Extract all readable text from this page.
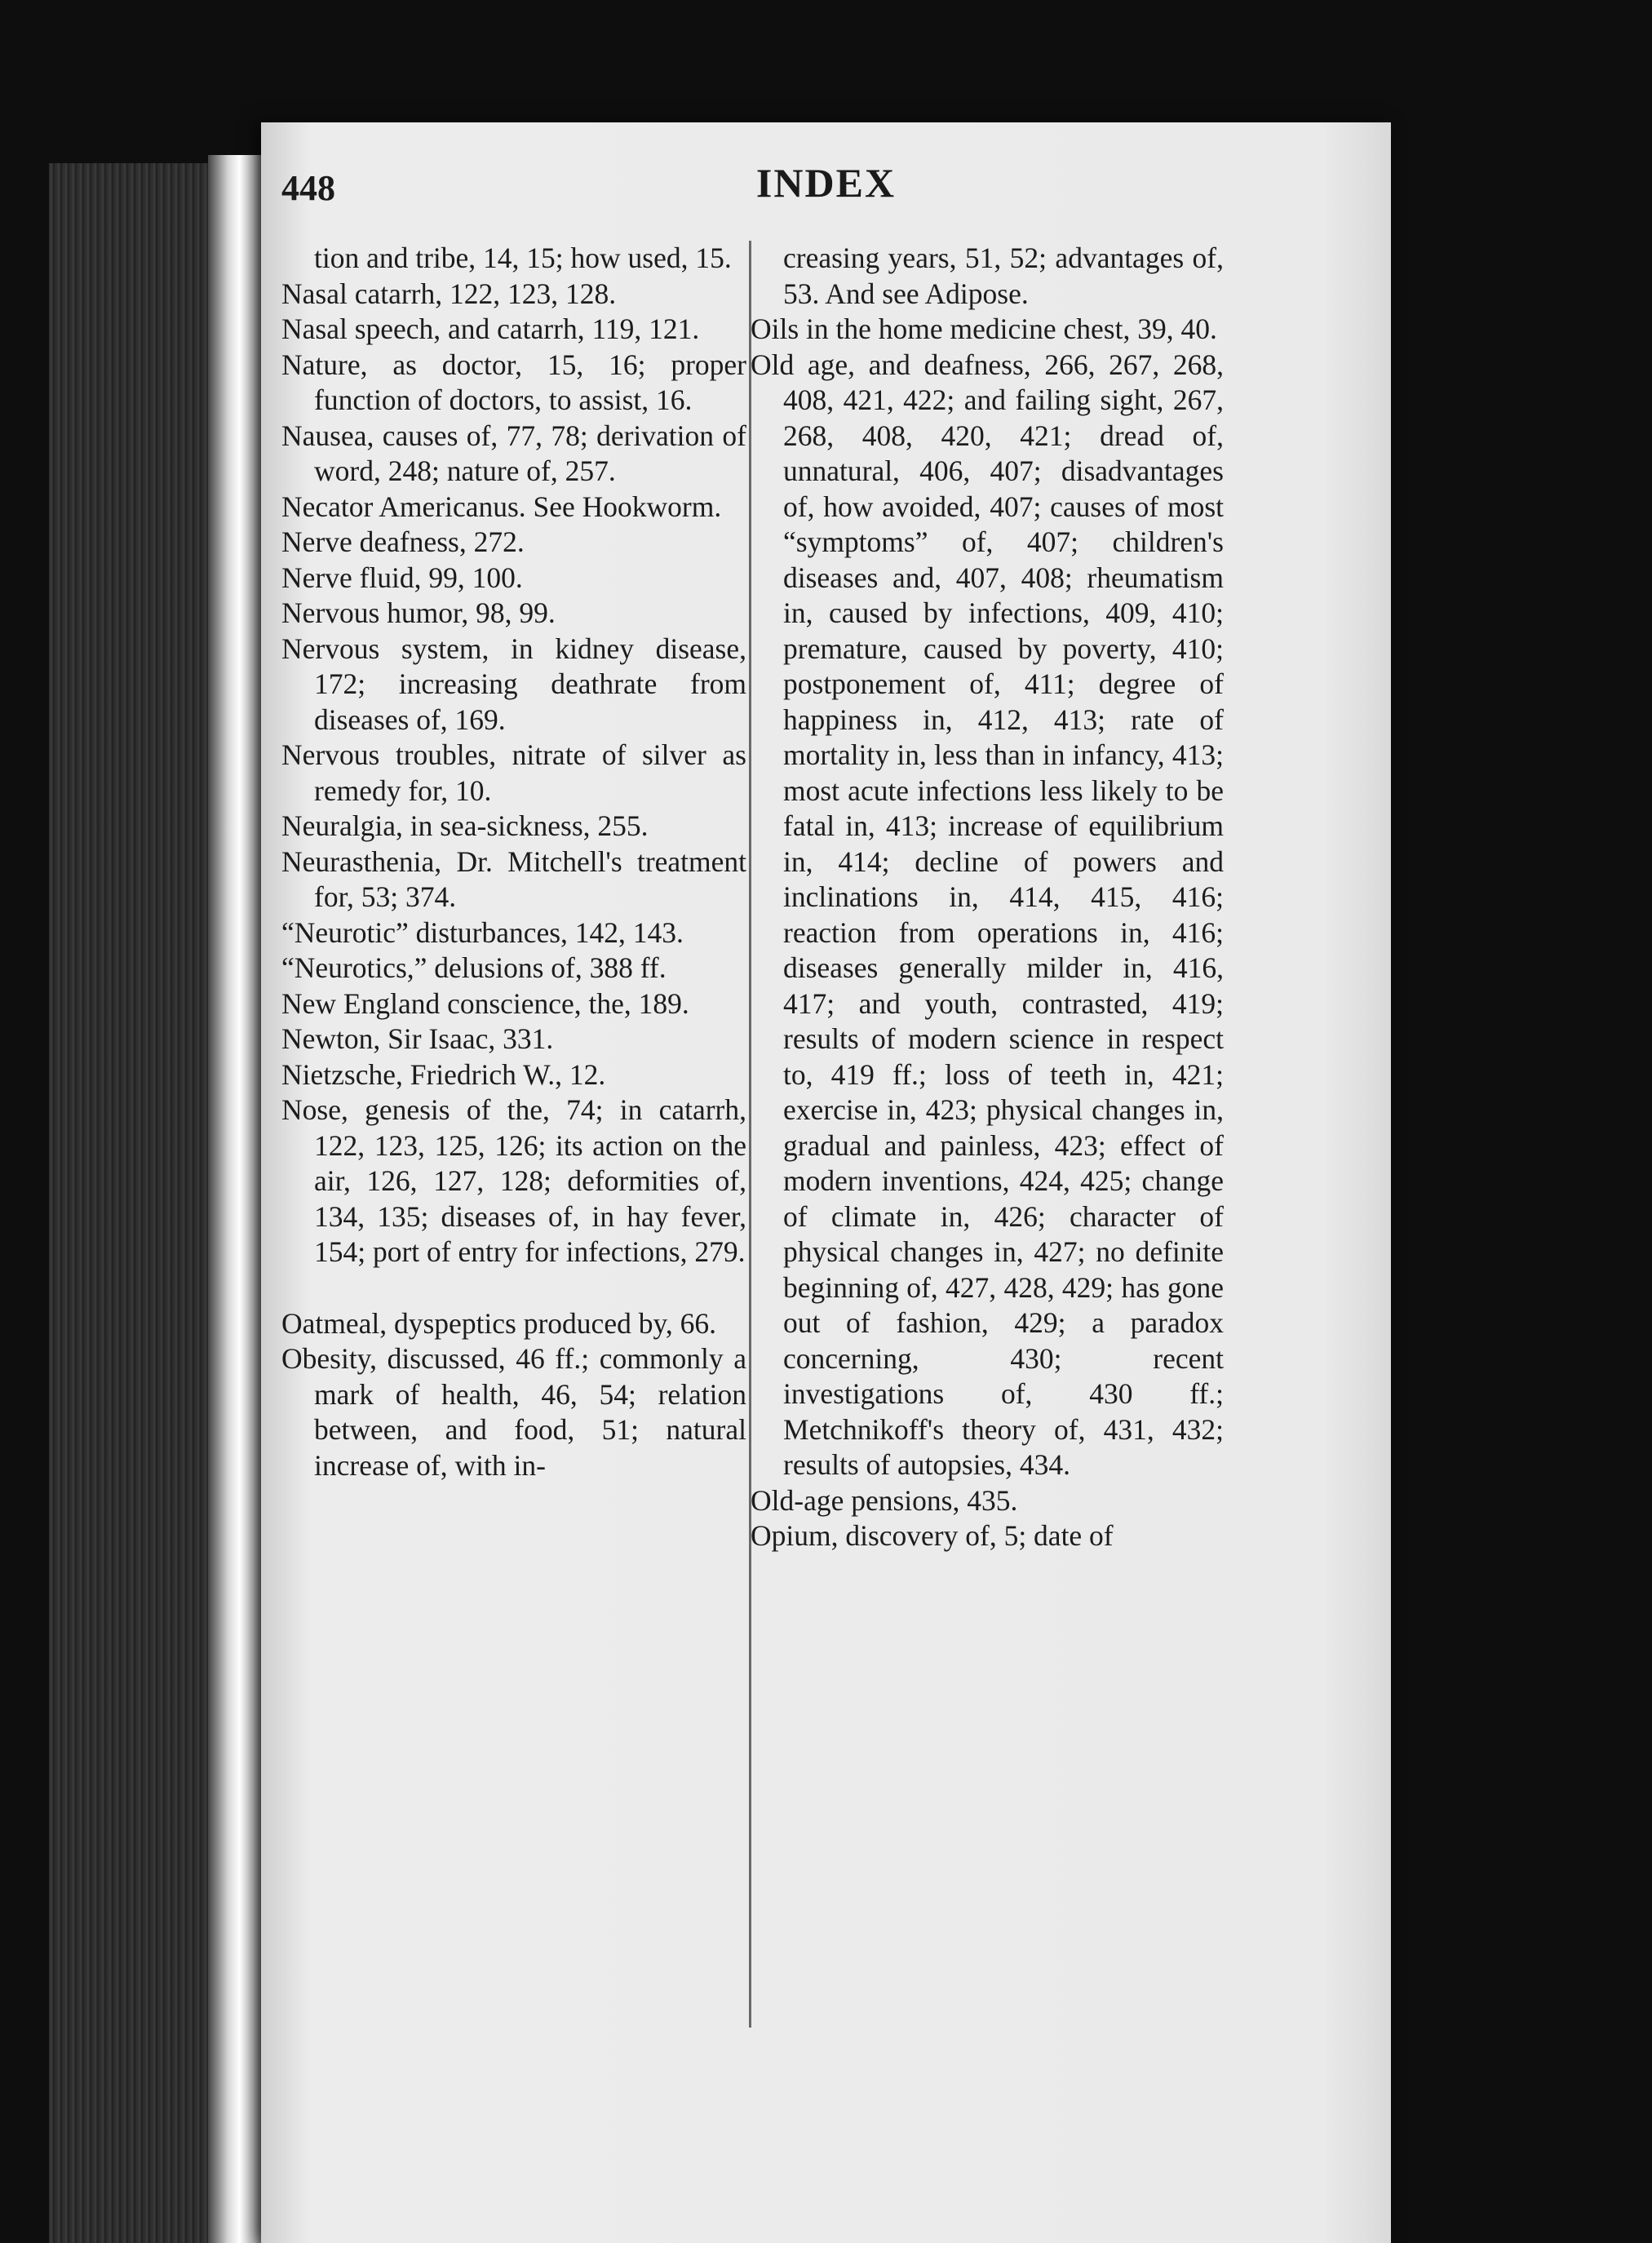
448	INDEX

tion and tribe, 14, 15; how used, 15.

Nasal catarrh, 122, 123, 128.

Nasal speech, and catarrh, 119, 121.

Nature, as doctor, 15, 16; proper function of doctors, to assist, 16.

Nausea, causes of, 77, 78; derivation of word, 248; nature of, 257.

Necator Americanus. See Hookworm.

Nerve deafness, 272.

Nerve fluid, 99, 100.

Nervous humor, 98, 99.

Nervous system, in kidney disease, 172; increasing deathrate from diseases of, 169.

Nervous troubles, nitrate of silver as remedy for, 10.

Neuralgia, in sea-sickness, 255.

Neurasthenia, Dr. Mitchell's treatment for, 53; 374.

“Neurotic” disturbances, 142, 143.

“Neurotics,” delusions of, 388 ff.

New England conscience, the, 189.

Newton, Sir Isaac, 331.

Nietzsche, Friedrich W., 12.

Nose, genesis of the, 74; in catarrh, 122, 123, 125, 126; its action on the air, 126, 127, 128; deformities of, 134, 135; diseases of, in hay fever, 154; port of entry for infections, 279.

Oatmeal, dyspeptics produced by, 66.

Obesity, discussed, 46 ff.; commonly a mark of health, 46, 54; relation between, and food, 51; natural increase of, with in-

creasing years, 51, 52; advantages of, 53. And see Adipose.

Oils in the home medicine chest, 39, 40.

Old age, and deafness, 266, 267, 268, 408, 421, 422; and failing sight, 267, 268, 408, 420, 421; dread of, unnatural, 406, 407; disadvantages of, how avoided, 407; causes of most “symptoms” of, 407; children's diseases and, 407, 408; rheumatism in, caused by infections, 409, 410; premature, caused by poverty, 410; postponement of, 411; degree of happiness in, 412, 413; rate of mortality in, less than in infancy, 413; most acute infections less likely to be fatal in, 413; increase of equilibrium in, 414; decline of powers and inclinations in, 414, 415, 416; reaction from operations in, 416; diseases generally milder in, 416, 417; and youth, contrasted, 419; results of modern science in respect to, 419 ff.; loss of teeth in, 421; exercise in, 423; physical changes in, gradual and painless, 423; effect of modern inventions, 424, 425; change of climate in, 426; character of physical changes in, 427; no definite beginning of, 427, 428, 429; has gone out of fashion, 429; a paradox concerning, 430; recent investigations of, 430 ff.; Metchnikoff's theory of, 431, 432; results of autopsies, 434.

Old-age pensions, 435.

Opium, discovery of, 5; date of
